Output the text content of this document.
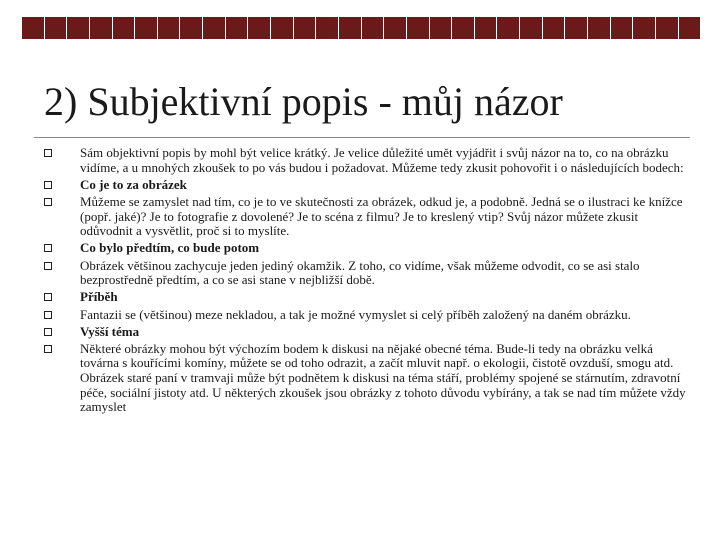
2) Subjektivní popis - můj názor
Sám objektivní popis by mohl být velice krátký. Je velice důležité umět vyjádřit i svůj názor na to, co na obrázku vidíme, a u mnohých zkoušek to po vás budou i požadovat. Můžeme tedy zkusit pohovořit i o následujících bodech:
Co je to za obrázek
Můžeme se zamyslet nad tím, co je to ve skutečnosti za obrázek, odkud je, a podobně. Jedná se o ilustraci ke knížce (popř. jaké)? Je to fotografie z dovolené? Je to scéna z filmu? Je to kreslený vtip? Svůj názor můžete zkusit odůvodnit a vysvětlit, proč si to myslíte.
Co bylo předtím, co bude potom
Obrázek většinou zachycuje jeden jediný okamžik. Z toho, co vidíme, však můžeme odvodit, co se asi stalo bezprostředně předtím, a co se asi stane v nejbližší době.
Příběh
Fantazii se (většinou) meze nekladou, a tak je možné vymyslet si celý příběh založený na daném obrázku.
Vyšší téma
Některé obrázky mohou být výchozím bodem k diskusi na nějaké obecné téma. Bude-li tedy na obrázku velká továrna s kouřícími komíny, můžete se od toho odrazit, a začít mluvit např. o ekologii, čistotě ovzduší, smogu atd. Obrázek staré paní v tramvaji může být podnětem k diskusi na téma stáří, problémy spojené se stárnutím, zdravotní péče, sociální jistoty atd. U některých zkoušek jsou obrázky z tohoto důvodu vybírány, a tak se nad tím můžete vždy zamyslet
